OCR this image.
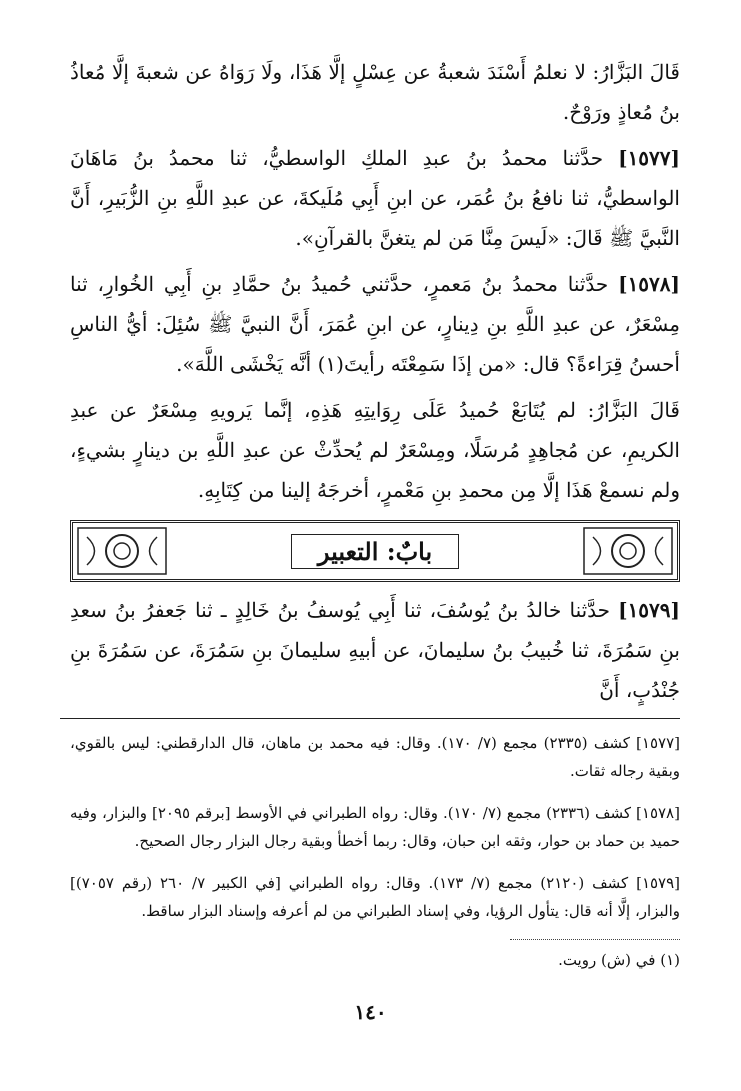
قَالَ البَزَّارُ: لا نعلمُ أَسْنَدَ شعبةُ عن عِسْلٍ إلَّا هَذَا، ولَا رَوَاهُ عن شعبةَ إلَّا مُعاذُ بنُ مُعاذٍ ورَوْحٌ.

[١٥٧٧] حدَّثنا محمدُ بنُ عبدِ الملكِ الواسطيُّ، ثنا محمدُ بنُ مَاهَانَ الواسطيُّ، ثنا نافعُ بنُ عُمَر، عن ابنِ أَبِي مُلَيكةَ، عن عبدِ اللَّهِ بنِ الزُّبَيرِ، أَنَّ النَّبيَّ ﷺ قَالَ: «لَيسَ مِنَّا مَن لم يتغنَّ بالقرآنِ».

[١٥٧٨] حدَّثنا محمدُ بنُ مَعمرٍ، حدَّثني حُميدُ بنُ حمَّادِ بنِ أَبِي الخُوارِ، ثنا مِسْعَرٌ، عن عبدِ اللَّهِ بنِ دِينارٍ، عن ابنِ عُمَرَ، أَنَّ النبيَّ ﷺ سُئِلَ: أيُّ الناسِ أحسنُ قِرَاءةً؟ قال: «من إذَا سَمِعْتَه رأيتَ(١) أنَّه يَخْشَى اللَّهَ».

قَالَ البَزَّارُ: لم يُتَابَعْ حُميدُ عَلَى رِوَايتِهِ هَذِهِ، إنَّما يَرويهِ مِسْعَرٌ عن عبدِ الكريمِ، عن مُجاهِدٍ مُرسَلًا، ومِسْعَرٌ لم يُحدِّثْ عن عبدِ اللَّهِ بن دينارٍ بشيءٍ، ولم نسمعْ هَذَا إلَّا مِن محمدِ بنِ مَعْمرٍ، أخرجَهُ إلينا من كِتَابِهِ.

بابٌ: التعبير

[١٥٧٩] حدَّثنا خالدُ بنُ يُوسُفَ، ثنا أَبِي يُوسفُ بنُ خَالِدٍ ـ ثنا جَعفرُ بنُ سعدِ بنِ سَمُرَةَ، ثنا خُبيبُ بنُ سليمانَ، عن أبيهِ سليمانَ بنِ سَمُرَةَ، عن سَمُرَةَ بنِ جُنْدُبٍ، أَنَّ

[١٥٧٧] كشف (٢٣٣٥) مجمع (٧/ ١٧٠). وقال: فيه محمد بن ماهان، قال الدارقطني: ليس بالقوي، وبقية رجاله ثقات.

[١٥٧٨] كشف (٢٣٣٦) مجمع (٧/ ١٧٠). وقال: رواه الطبراني في الأوسط [برقم ٢٠٩٥] والبزار، وفيه حميد بن حماد بن حوار، وثقه ابن حبان، وقال: ربما أخطأ وبقية رجال البزار رجال الصحيح.

[١٥٧٩] كشف (٢١٢٠) مجمع (٧/ ١٧٣). وقال: رواه الطبراني [في الكبير ٧/ ٢٦٠ (رقم ٧٠٥٧)] والبزار، إلَّا أنه قال: يتأول الرؤيا، وفي إسناد الطبراني من لم أعرفه وإسناد البزار ساقط.

(١) في (ش) رويت.

١٤٠
